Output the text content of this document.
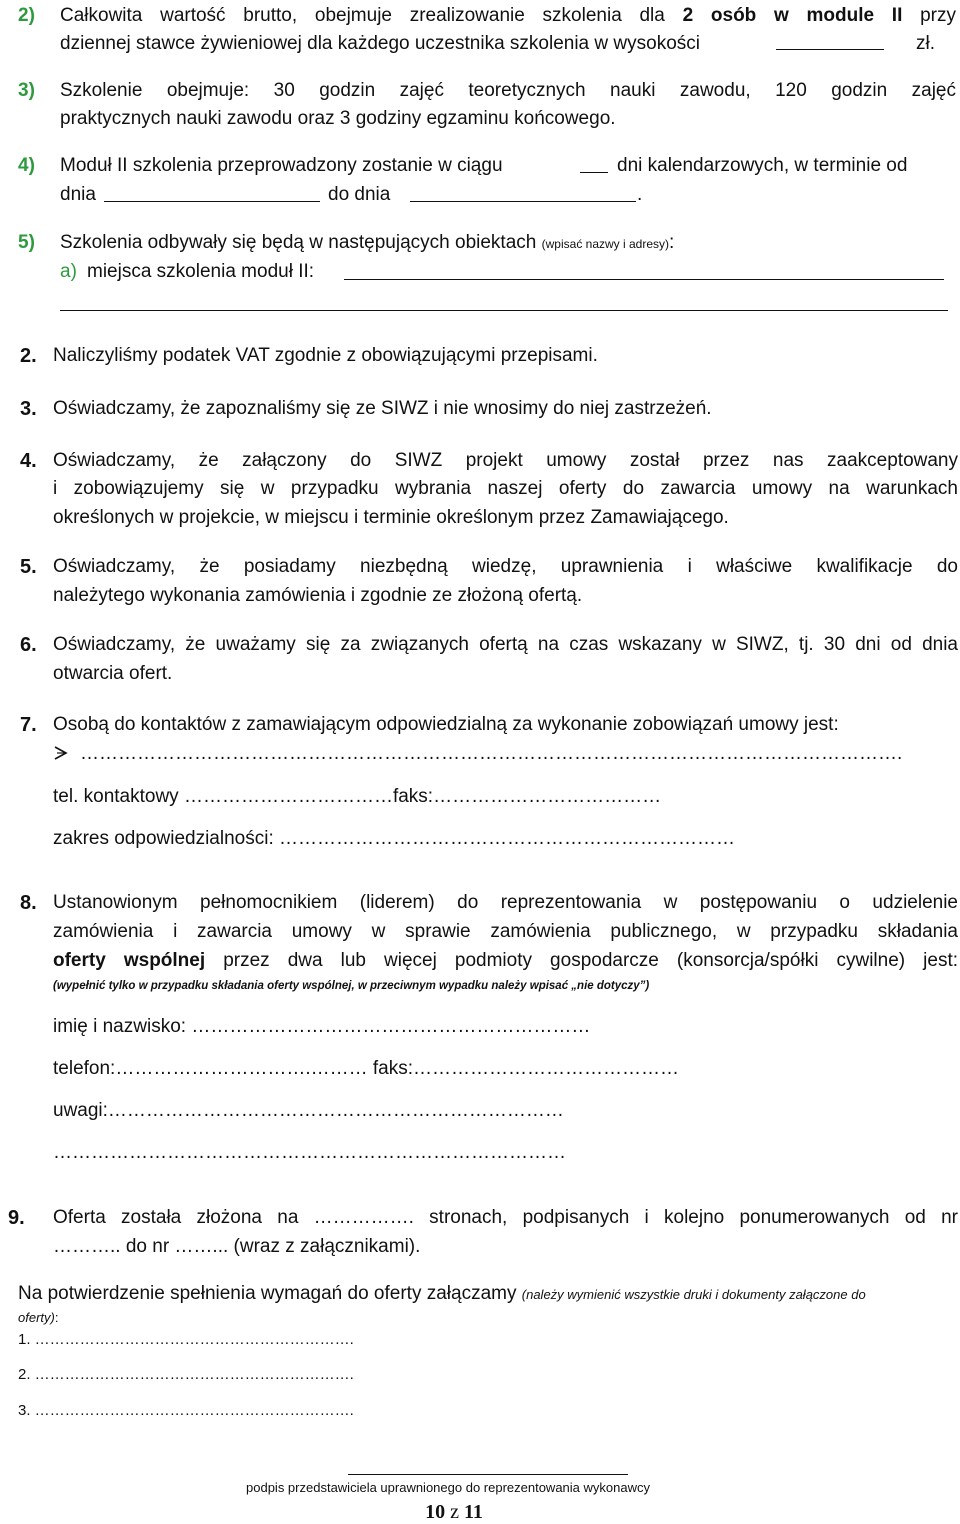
2) Całkowita wartość brutto, obejmuje zrealizowanie szkolenia dla 2 osób w module II przy
dziennej stawce żywieniowej dla każdego uczestnika szkolenia w wysokości	zł.
3) Szkolenie obejmuje: 30 godzin zajęć teoretycznych nauki zawodu, 120 godzin zajęć
praktycznych nauki zawodu oraz 3 godziny egzaminu końcowego.
4) Moduł II szkolenia przeprowadzony zostanie w ciągu	dni kalendarzowych, w terminie od
dnia	do dnia	.
5) Szkolenia odbywały się będą w następujących obiektach (wpisać nazwy i adresy):
a) miejsca szkolenia moduł II:
2. Naliczyliśmy podatek VAT zgodnie z obowiązującymi przepisami.
3. Oświadczamy, że zapoznaliśmy się ze SIWZ i nie wnosimy do niej zastrzeżeń.
4. Oświadczamy, że załączony do SIWZ projekt umowy został przez nas zaakceptowany
i zobowiązujemy się w przypadku wybrania naszej oferty do zawarcia umowy na warunkach
określonych w projekcie, w miejscu i terminie określonym przez Zamawiającego.
5. Oświadczamy, że posiadamy niezbędną wiedzę, uprawnienia i właściwe kwalifikacje do
należytego wykonania zamówienia i zgodnie ze złożoną ofertą.
6. Oświadczamy, że uważamy się za związanych ofertą na czas wskazany w SIWZ, tj. 30 dni od dnia
otwarcia ofert.
7. Osobą do kontaktów z zamawiającym odpowiedzialną za wykonanie zobowiązań umowy jest:
………………………………………………………………………………………………………………….
tel. kontaktowy ……………………………faks:………………………………
zakres odpowiedzialności: ………………………………………………………………
8. Ustanowionym pełnomocnikiem (liderem) do reprezentowania w postępowaniu o udzielenie
zamówienia i zawarcia umowy w sprawie zamówienia publicznego, w przypadku składania
oferty wspólnej przez dwa lub więcej podmioty gospodarcze (konsorcja/spółki cywilne) jest:
(wypełnić tylko w przypadku składania oferty wspólnej, w przeciwnym wypadku należy wpisać „nie dotyczy”)
imię i nazwisko: ………………………………………………………
telefon:………………………….……… faks:……………………………………
uwagi:………………………………………………………………
………………………………………………………………………
9. Oferta została złożona na ……………. stronach, podpisanych i kolejno ponumerowanych od nr
……….. do nr ……... (wraz z załącznikami).
Na potwierdzenie spełnienia wymagań do oferty załączamy (należy wymienić wszystkie druki i dokumenty załączone do
oferty):
1. ……………………………………………………….
2. ……………………………………………………….
3. ……………………………………………………….
podpis przedstawiciela uprawnionego do reprezentowania wykonawcy
10 z 11
